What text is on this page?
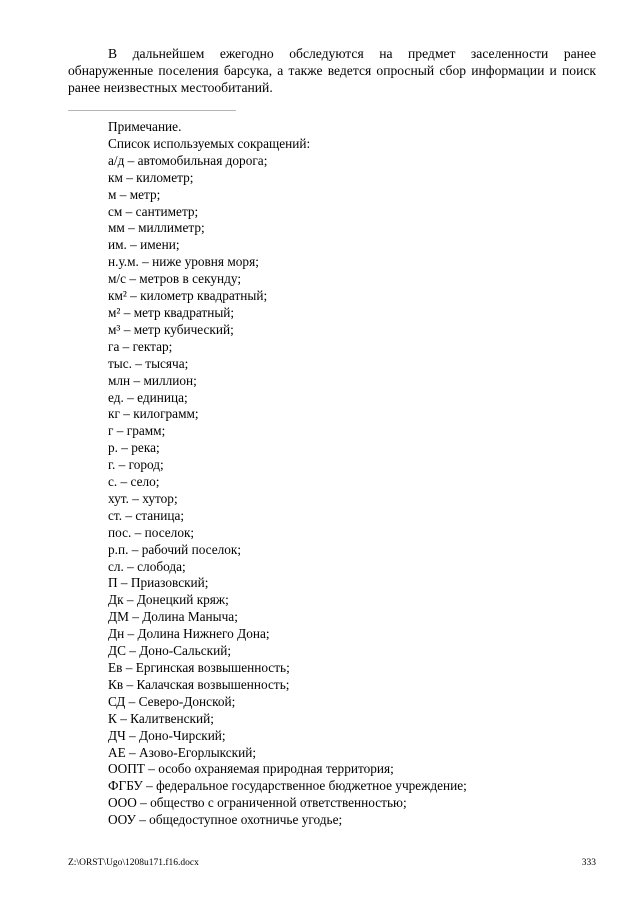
В дальнейшем ежегодно обследуются на предмет заселенности ранее обнаруженные поселения барсука, а также ведется опросный сбор информации и поиск ранее неизвестных местообитаний.

Примечание.

Список используемых сокращений:

а/д – автомобильная дорога;
км – километр;
м – метр;
см – сантиметр;
мм – миллиметр;
им. – имени;
н.у.м. – ниже уровня моря;
м/с – метров в секунду;
км² – километр квадратный;
м² – метр квадратный;
м³ – метр кубический;
га – гектар;
тыс. – тысяча;
млн – миллион;
ед. – единица;
кг – килограмм;
г – грамм;
р. – река;
г. – город;
с. – село;
хут. – хутор;
ст. – станица;
пос. – поселок;
р.п. – рабочий поселок;
сл. – слобода;
П – Приазовский;
Дк – Донецкий кряж;
ДМ – Долина Маныча;
Дн – Долина Нижнего Дона;
ДС – Доно-Сальский;
Ев – Ергинская возвышенность;
Кв – Калачская возвышенность;
СД – Северо-Донской;
К – Калитвенский;
ДЧ – Доно-Чирский;
АЕ – Азово-Егорлыкский;
ООПТ – особо охраняемая природная территория;
ФГБУ – федеральное государственное бюджетное учреждение;
ООО – общество с ограниченной ответственностью;
ООУ – общедоступное охотничье угодье;
Z:\ORST\Ugo\1208u171.f16.docx	333
